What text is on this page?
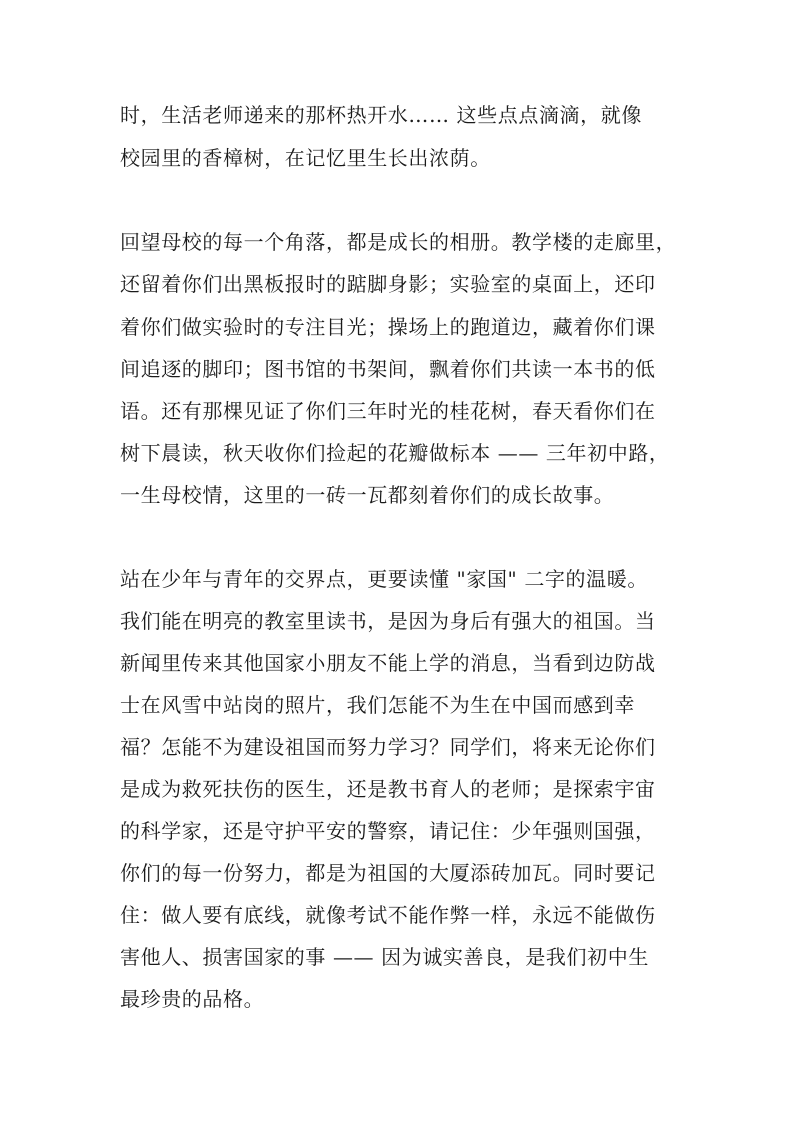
时，生活老师递来的那杯热开水…… 这些点点滴滴，就像
校园里的香樟树，在记忆里生长出浓荫。
回望母校的每一个角落，都是成长的相册。教学楼的走廊里，
还留着你们出黑板报时的踮脚身影；实验室的桌面上，还印
着你们做实验时的专注目光；操场上的跑道边，藏着你们课
间追逐的脚印；图书馆的书架间，飘着你们共读一本书的低
语。还有那棵见证了你们三年时光的桂花树，春天看你们在
树下晨读，秋天收你们捡起的花瓣做标本 —— 三年初中路，
一生母校情，这里的一砖一瓦都刻着你们的成长故事。
站在少年与青年的交界点，更要读懂 "家国" 二字的温暖。
我们能在明亮的教室里读书，是因为身后有强大的祖国。当
新闻里传来其他国家小朋友不能上学的消息，当看到边防战
士在风雪中站岗的照片，我们怎能不为生在中国而感到幸
福？怎能不为建设祖国而努力学习？同学们，将来无论你们
是成为救死扶伤的医生，还是教书育人的老师；是探索宇宙
的科学家，还是守护平安的警察，请记住：少年强则国强，
你们的每一份努力，都是为祖国的大厦添砖加瓦。同时要记
住：做人要有底线，就像考试不能作弊一样，永远不能做伤
害他人、损害国家的事 —— 因为诚实善良，是我们初中生
最珍贵的品格。
